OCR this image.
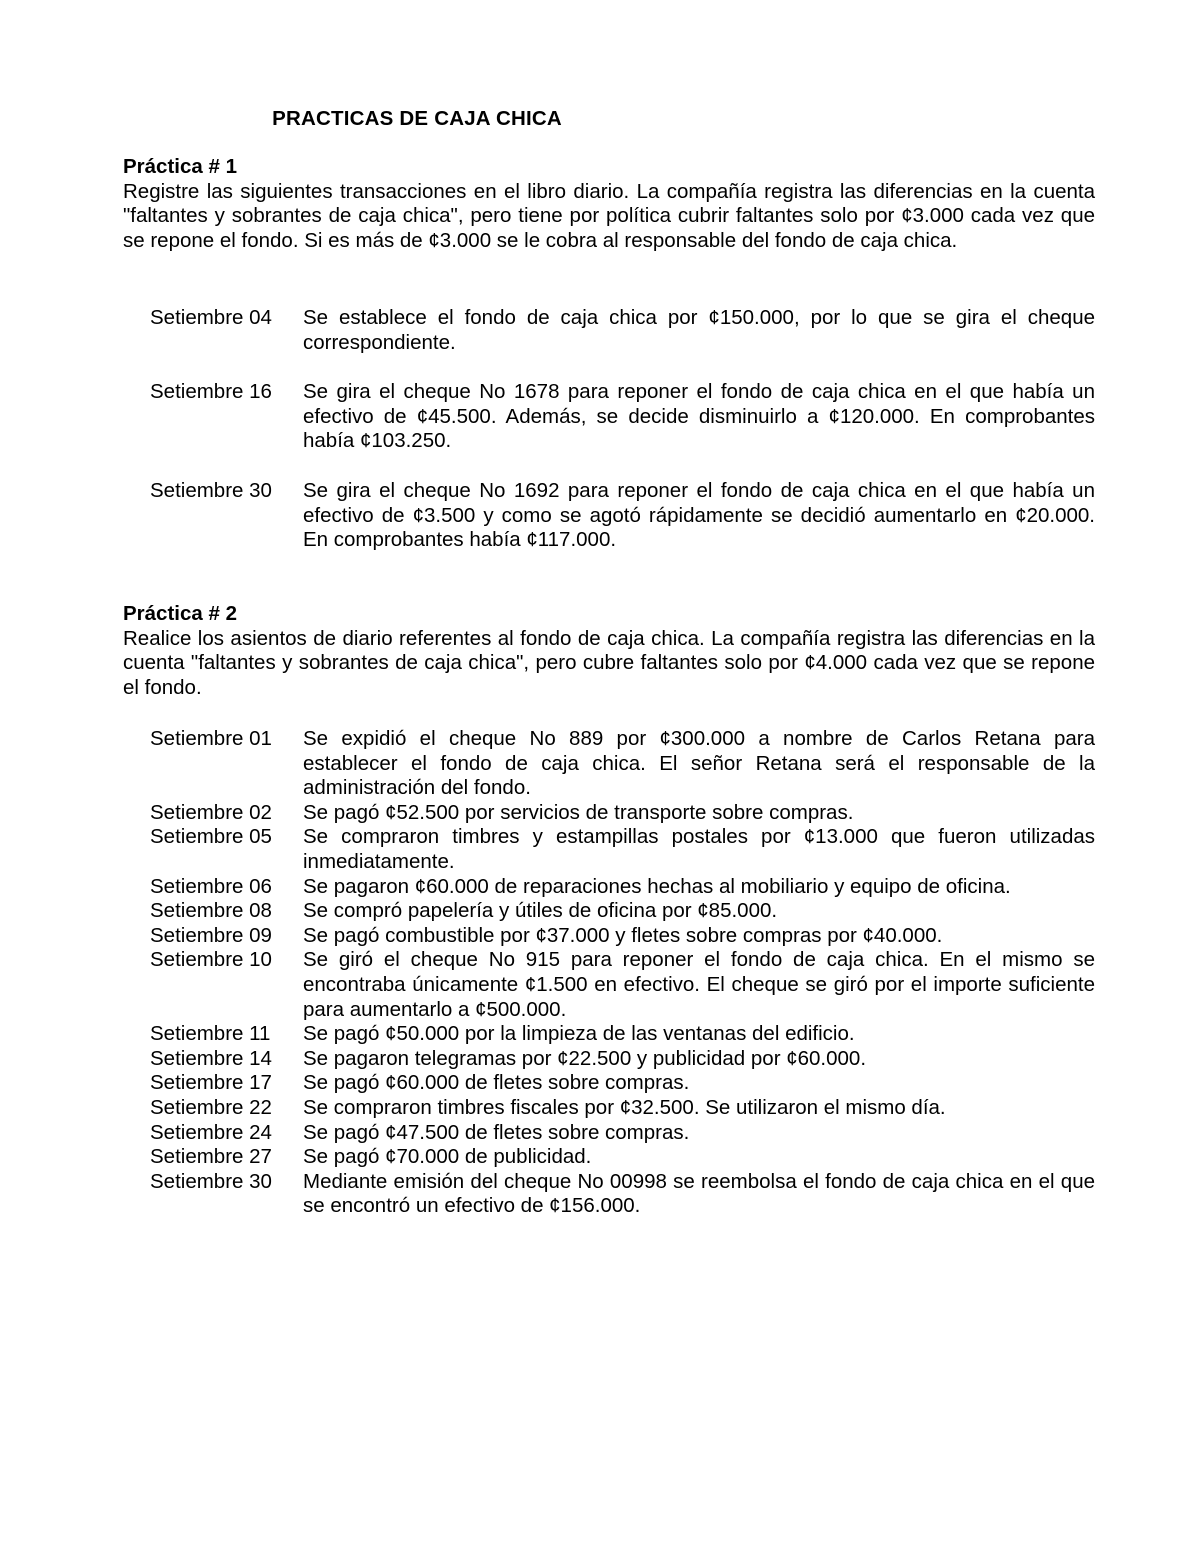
PRACTICAS DE CAJA CHICA
Práctica # 1

Registre las siguientes transacciones en el libro diario. La compañía registra las diferencias en la cuenta "faltantes y sobrantes de caja chica", pero tiene por política cubrir faltantes solo por ¢3.000 cada vez que se repone el fondo. Si es más de ¢3.000 se le cobra al responsable del fondo de caja chica.

Setiembre 04	Se establece el fondo de caja chica por ¢150.000, por lo que se gira el cheque correspondiente.
Setiembre 16	Se gira el cheque No 1678 para reponer el fondo de caja chica en el que había un efectivo de ¢45.500. Además, se decide disminuirlo a ¢120.000. En comprobantes había ¢103.250.
Setiembre 30	Se gira el cheque No 1692 para reponer el fondo de caja chica en el que había un efectivo de ¢3.500 y como se agotó rápidamente se decidió aumentarlo en ¢20.000. En comprobantes había ¢117.000.
Práctica # 2

Realice los asientos de diario referentes al fondo de caja chica. La compañía registra las diferencias en la cuenta "faltantes y sobrantes de caja chica", pero cubre faltantes solo por ¢4.000 cada vez que se repone el fondo.

Setiembre 01	Se expidió el cheque No 889 por ¢300.000 a nombre de Carlos Retana para establecer el fondo de caja chica. El señor Retana será el responsable de la administración del fondo.
Setiembre 02	Se pagó ¢52.500 por servicios de transporte sobre compras.
Setiembre 05	Se compraron timbres y estampillas postales por ¢13.000 que fueron utilizadas inmediatamente.
Setiembre 06	Se pagaron ¢60.000 de reparaciones hechas al mobiliario y equipo de oficina.
Setiembre 08	Se compró papelería y útiles de oficina por ¢85.000.
Setiembre 09	Se pagó combustible por ¢37.000 y fletes sobre compras por ¢40.000.
Setiembre 10	Se giró el cheque No 915 para reponer el fondo de caja chica. En el mismo se encontraba únicamente ¢1.500 en efectivo. El cheque se giró por el importe suficiente para aumentarlo a ¢500.000.
Setiembre 11	Se pagó ¢50.000 por la limpieza de las ventanas del edificio.
Setiembre 14	Se pagaron telegramas por ¢22.500 y publicidad por ¢60.000.
Setiembre 17	Se pagó ¢60.000 de fletes sobre compras.
Setiembre 22	Se compraron timbres fiscales por ¢32.500. Se utilizaron el mismo día.
Setiembre 24	Se pagó ¢47.500 de fletes sobre compras.
Setiembre 27	Se pagó ¢70.000 de publicidad.
Setiembre 30	Mediante emisión del cheque No 00998 se reembolsa el fondo de caja chica en el que se encontró un efectivo de ¢156.000.
